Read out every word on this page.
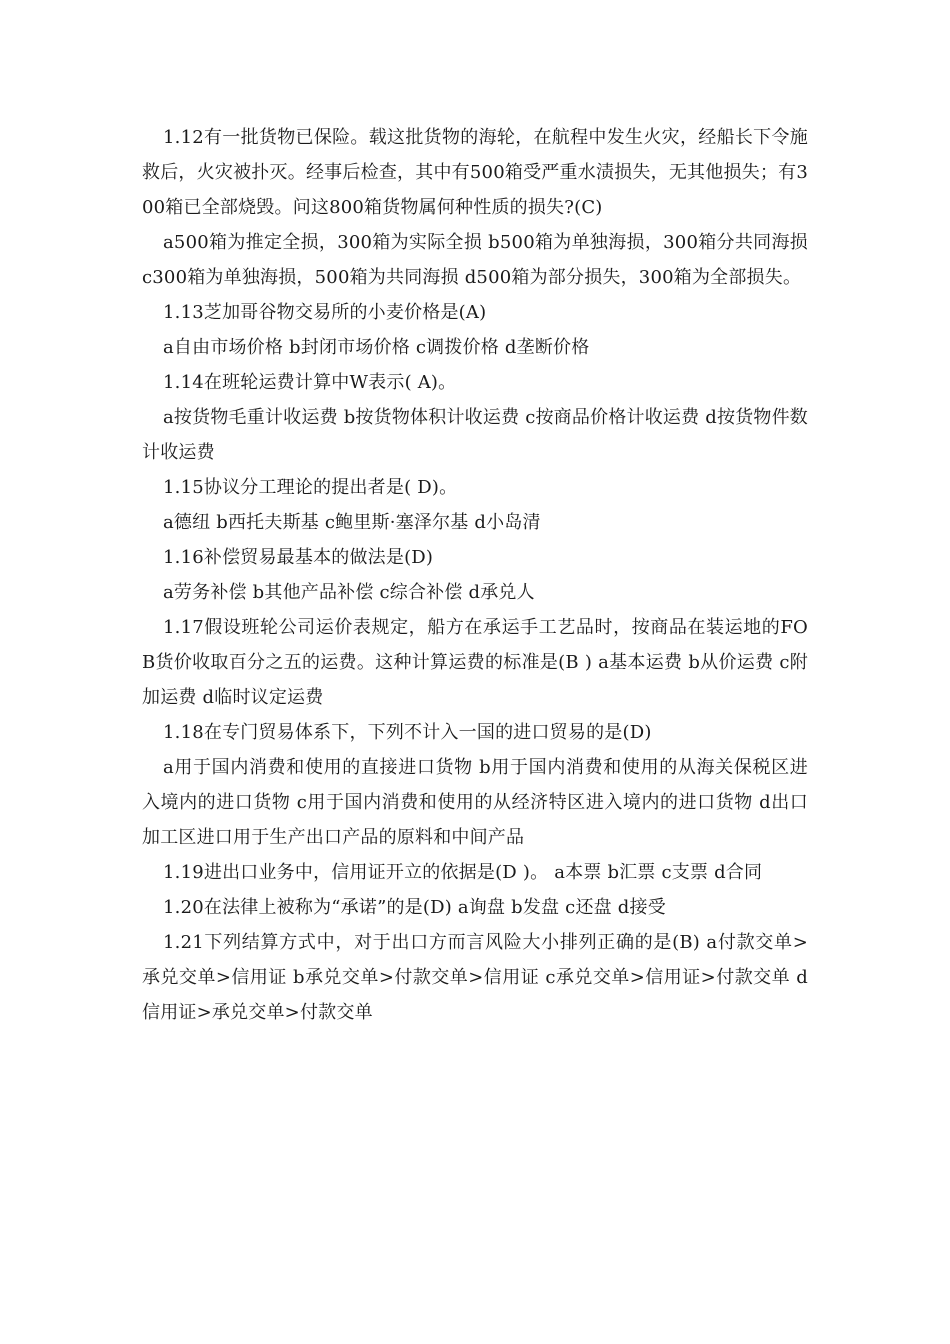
1.12有一批货物已保险。载这批货物的海轮，在航程中发生火灾，经船长下令施救后，火灾被扑灭。经事后检查，其中有500箱受严重水渍损失，无其他损失；有300箱已全部烧毁。问这800箱货物属何种性质的损失?(C)

a500箱为推定全损，300箱为实际全损 b500箱为单独海损，300箱分共同海损 c300箱为单独海损，500箱为共同海损 d500箱为部分损失，300箱为全部损失。

1.13芝加哥谷物交易所的小麦价格是(A)

a自由市场价格 b封闭市场价格 c调拨价格 d垄断价格

1.14在班轮运费计算中W表示( A)。

a按货物毛重计收运费 b按货物体积计收运费 c按商品价格计收运费 d按货物件数计收运费

1.15协议分工理论的提出者是( D)。

a德纽 b西托夫斯基 c鲍里斯·塞泽尔基 d小岛清

1.16补偿贸易最基本的做法是(D)

a劳务补偿 b其他产品补偿 c综合补偿 d承兑人

1.17假设班轮公司运价表规定，船方在承运手工艺品时，按商品在装运地的FOB货价收取百分之五的运费。这种计算运费的标准是(B ) a基本运费 b从价运费 c附加运费 d临时议定运费

1.18在专门贸易体系下，下列不计入一国的进口贸易的是(D)

a用于国内消费和使用的直接进口货物 b用于国内消费和使用的从海关保税区进入境内的进口货物 c用于国内消费和使用的从经济特区进入境内的进口货物 d出口加工区进口用于生产出口产品的原料和中间产品

1.19进出口业务中，信用证开立的依据是(D )。 a本票 b汇票 c支票 d合同

1.20在法律上被称为“承诺”的是(D) a询盘 b发盘 c还盘 d接受

1.21下列结算方式中，对于出口方而言风险大小排列正确的是(B) a付款交单>承兑交单>信用证 b承兑交单>付款交单>信用证 c承兑交单>信用证>付款交单 d信用证>承兑交单>付款交单
